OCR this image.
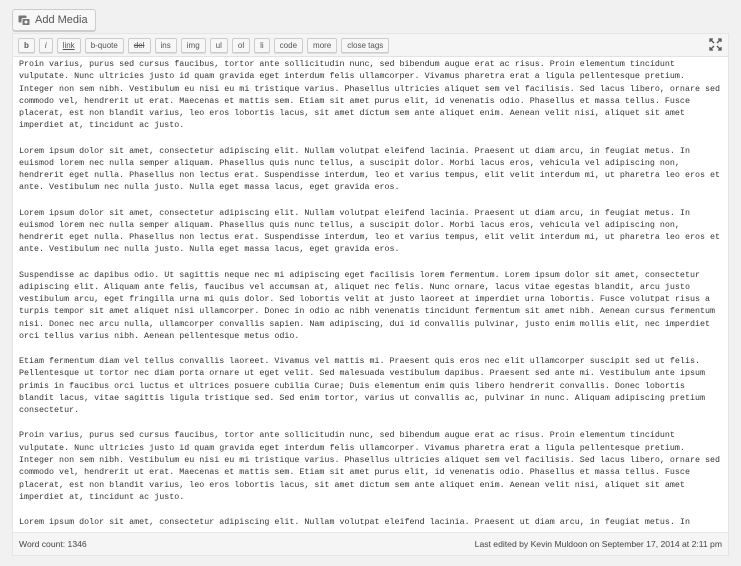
Add Media
b	i	link	b-quote	del	ins	img	ul	ol	li	code	more	close tags

Proin varius, purus sed cursus faucibus, tortor ante sollicitudin nunc, sed bibendum augue erat ac risus. Proin elementum tincidunt vulputate. Nunc ultricies justo id quam gravida eget interdum felis ullamcorper. Vivamus pharetra erat a ligula pellentesque pretium. Integer non sem nibh. Vestibulum eu nisi eu mi tristique varius. Phasellus ultricies aliquet sem vel facilisis. Sed lacus libero, ornare sed commodo vel, hendrerit ut erat. Maecenas et mattis sem. Etiam sit amet purus elit, id venenatis odio. Phasellus et massa tellus. Fusce placerat, est non blandit varius, leo eros lobortis lacus, sit amet dictum sem ante aliquet enim. Aenean velit nisi, aliquet sit amet imperdiet at, tincidunt ac justo.

Lorem ipsum dolor sit amet, consectetur adipiscing elit. Nullam volutpat eleifend lacinia. Praesent ut diam arcu, in feugiat metus. In euismod lorem nec nulla semper aliquam. Phasellus quis nunc tellus, a suscipit dolor. Morbi lacus eros, vehicula vel adipiscing non, hendrerit eget nulla. Phasellus non lectus erat. Suspendisse interdum, leo et varius tempus, elit velit interdum mi, ut pharetra leo eros et ante. Vestibulum nec nulla justo. Nulla eget massa lacus, eget gravida eros.

Lorem ipsum dolor sit amet, consectetur adipiscing elit. Nullam volutpat eleifend lacinia. Praesent ut diam arcu, in feugiat metus. In euismod lorem nec nulla semper aliquam. Phasellus quis nunc tellus, a suscipit dolor. Morbi lacus eros, vehicula vel adipiscing non, hendrerit eget nulla. Phasellus non lectus erat. Suspendisse interdum, leo et varius tempus, elit velit interdum mi, ut pharetra leo eros et ante. Vestibulum nec nulla justo. Nulla eget massa lacus, eget gravida eros.

Suspendisse ac dapibus odio. Ut sagittis neque nec mi adipiscing eget facilisis lorem fermentum. Lorem ipsum dolor sit amet, consectetur adipiscing elit. Aliquam ante felis, faucibus vel accumsan at, aliquet nec felis. Nunc ornare, lacus vitae egestas blandit, arcu justo vestibulum arcu, eget fringilla urna mi quis dolor. Sed lobortis velit at justo laoreet at imperdiet urna lobortis. Fusce volutpat risus a turpis tempor sit amet aliquet nisi ullamcorper. Donec in odio ac nibh venenatis tincidunt fermentum sit amet nibh. Aenean cursus fermentum nisi. Donec nec arcu nulla, ullamcorper convallis sapien. Nam adipiscing, dui id convallis pulvinar, justo enim mollis elit, nec imperdiet orci tellus varius nibh. Aenean pellentesque metus odio.

Etiam fermentum diam vel tellus convallis laoreet. Vivamus vel mattis mi. Praesent quis eros nec elit ullamcorper suscipit sed ut felis. Pellentesque ut tortor nec diam porta ornare ut eget velit. Sed malesuada vestibulum dapibus. Praesent sed ante mi. Vestibulum ante ipsum primis in faucibus orci luctus et ultrices posuere cubilia Curae; Duis elementum enim quis libero hendrerit convallis. Donec lobortis blandit lacus, vitae sagittis ligula tristique sed. Sed enim tortor, varius ut convallis ac, pulvinar in nunc. Aliquam adipiscing pretium consectetur.

Proin varius, purus sed cursus faucibus, tortor ante sollicitudin nunc, sed bibendum augue erat ac risus. Proin elementum tincidunt vulputate. Nunc ultricies justo id quam gravida eget interdum felis ullamcorper. Vivamus pharetra erat a ligula pellentesque pretium. Integer non sem nibh. Vestibulum eu nisi eu mi tristique varius. Phasellus ultricies aliquet sem vel facilisis. Sed lacus libero, ornare sed commodo vel, hendrerit ut erat. Maecenas et mattis sem. Etiam sit amet purus elit, id venenatis odio. Phasellus et massa tellus. Fusce placerat, est non blandit varius, leo eros lobortis lacus, sit amet dictum sem ante aliquet enim. Aenean velit nisi, aliquet sit amet imperdiet at, tincidunt ac justo.

Lorem ipsum dolor sit amet, consectetur adipiscing elit. Nullam volutpat eleifend lacinia. Praesent ut diam arcu, in feugiat metus. In

Word count: 1346	Last edited by Kevin Muldoon on September 17, 2014 at 2:11 pm
